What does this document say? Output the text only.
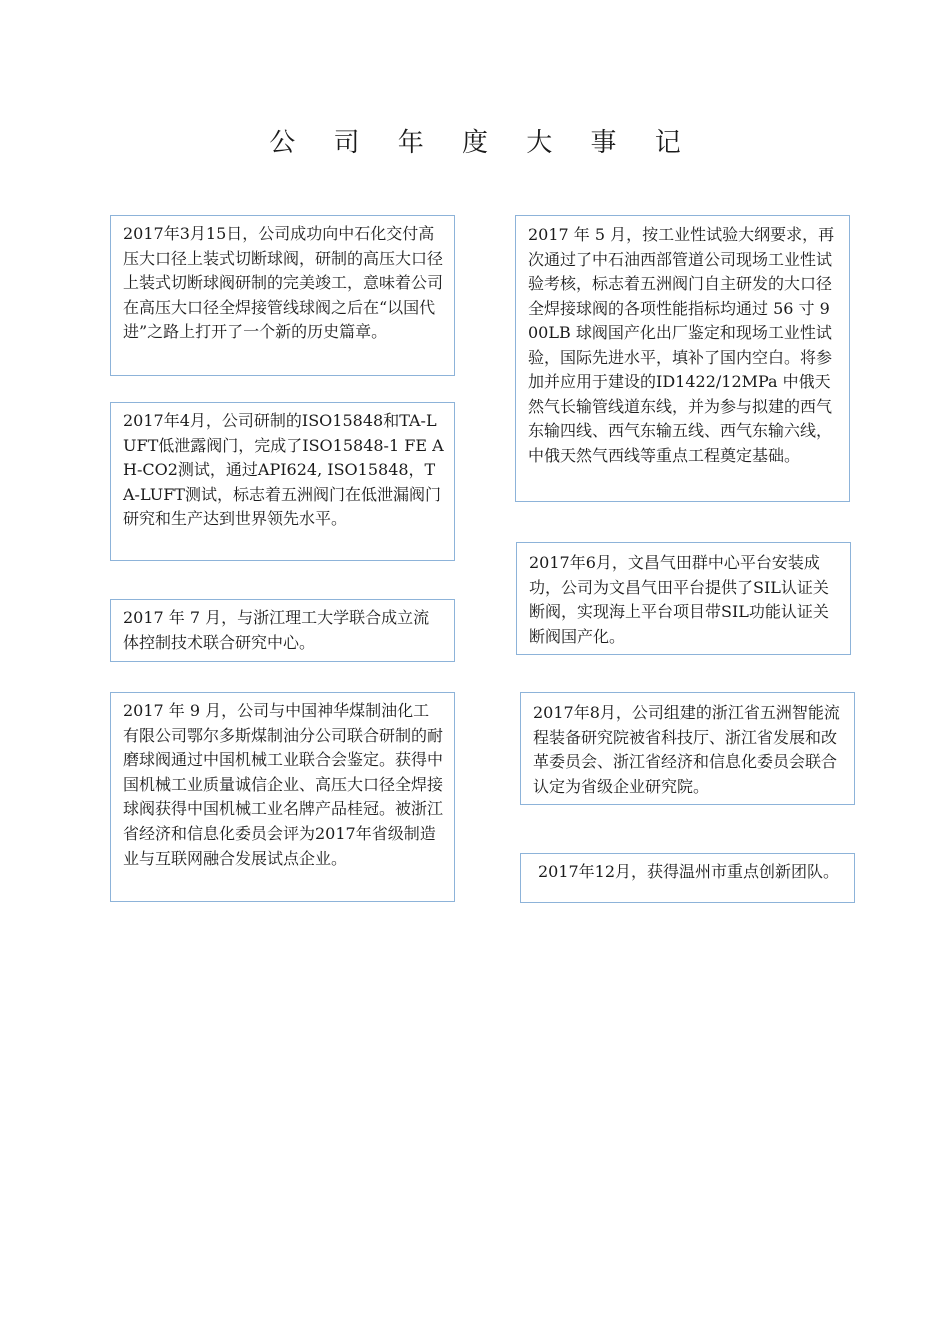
公 司 年 度 大 事 记
2017年3月15日，公司成功向中石化交付高压大口径上装式切断球阀，研制的高压大口径上装式切断球阀研制的完美竣工，意味着公司在高压大口径全焊接管线球阀之后在“以国代进”之路上打开了一个新的历史篇章。
2017年4月，公司研制的ISO15848和TA-LUFT低泄露阀门，完成了ISO15848-1 FE AH-CO2测试，通过API624, ISO15848，TA-LUFT测试，标志着五洲阀门在低泄漏阀门研究和生产达到世界领先水平。
2017 年 7 月，与浙江理工大学联合成立流体控制技术联合研究中心。
2017 年 9 月，公司与中国神华煤制油化工有限公司鄂尔多斯煤制油分公司联合研制的耐磨球阀通过中国机械工业联合会鉴定。获得中国机械工业质量诚信企业、高压大口径全焊接球阀获得中国机械工业名牌产品桂冠。被浙江省经济和信息化委员会评为2017年省级制造业与互联网融合发展试点企业。
2017 年 5 月，按工业性试验大纲要求，再次通过了中石油西部管道公司现场工业性试验考核，标志着五洲阀门自主研发的大口径全焊接球阀的各项性能指标均通过 56 寸 900LB 球阀国产化出厂鉴定和现场工业性试验，国际先进水平，填补了国内空白。将参加并应用于建设的ID1422/12MPa 中俄天然气长输管线道东线，并为参与拟建的西气东输四线、西气东输五线、西气东输六线，中俄天然气西线等重点工程奠定基础。
2017年6月，文昌气田群中心平台安装成功，公司为文昌气田平台提供了SIL认证关断阀，实现海上平台项目带SIL功能认证关断阀国产化。
2017年8月，公司组建的浙江省五洲智能流程装备研究院被省科技厅、浙江省发展和改革委员会、浙江省经济和信息化委员会联合认定为省级企业研究院。
2017年12月，获得温州市重点创新团队。
